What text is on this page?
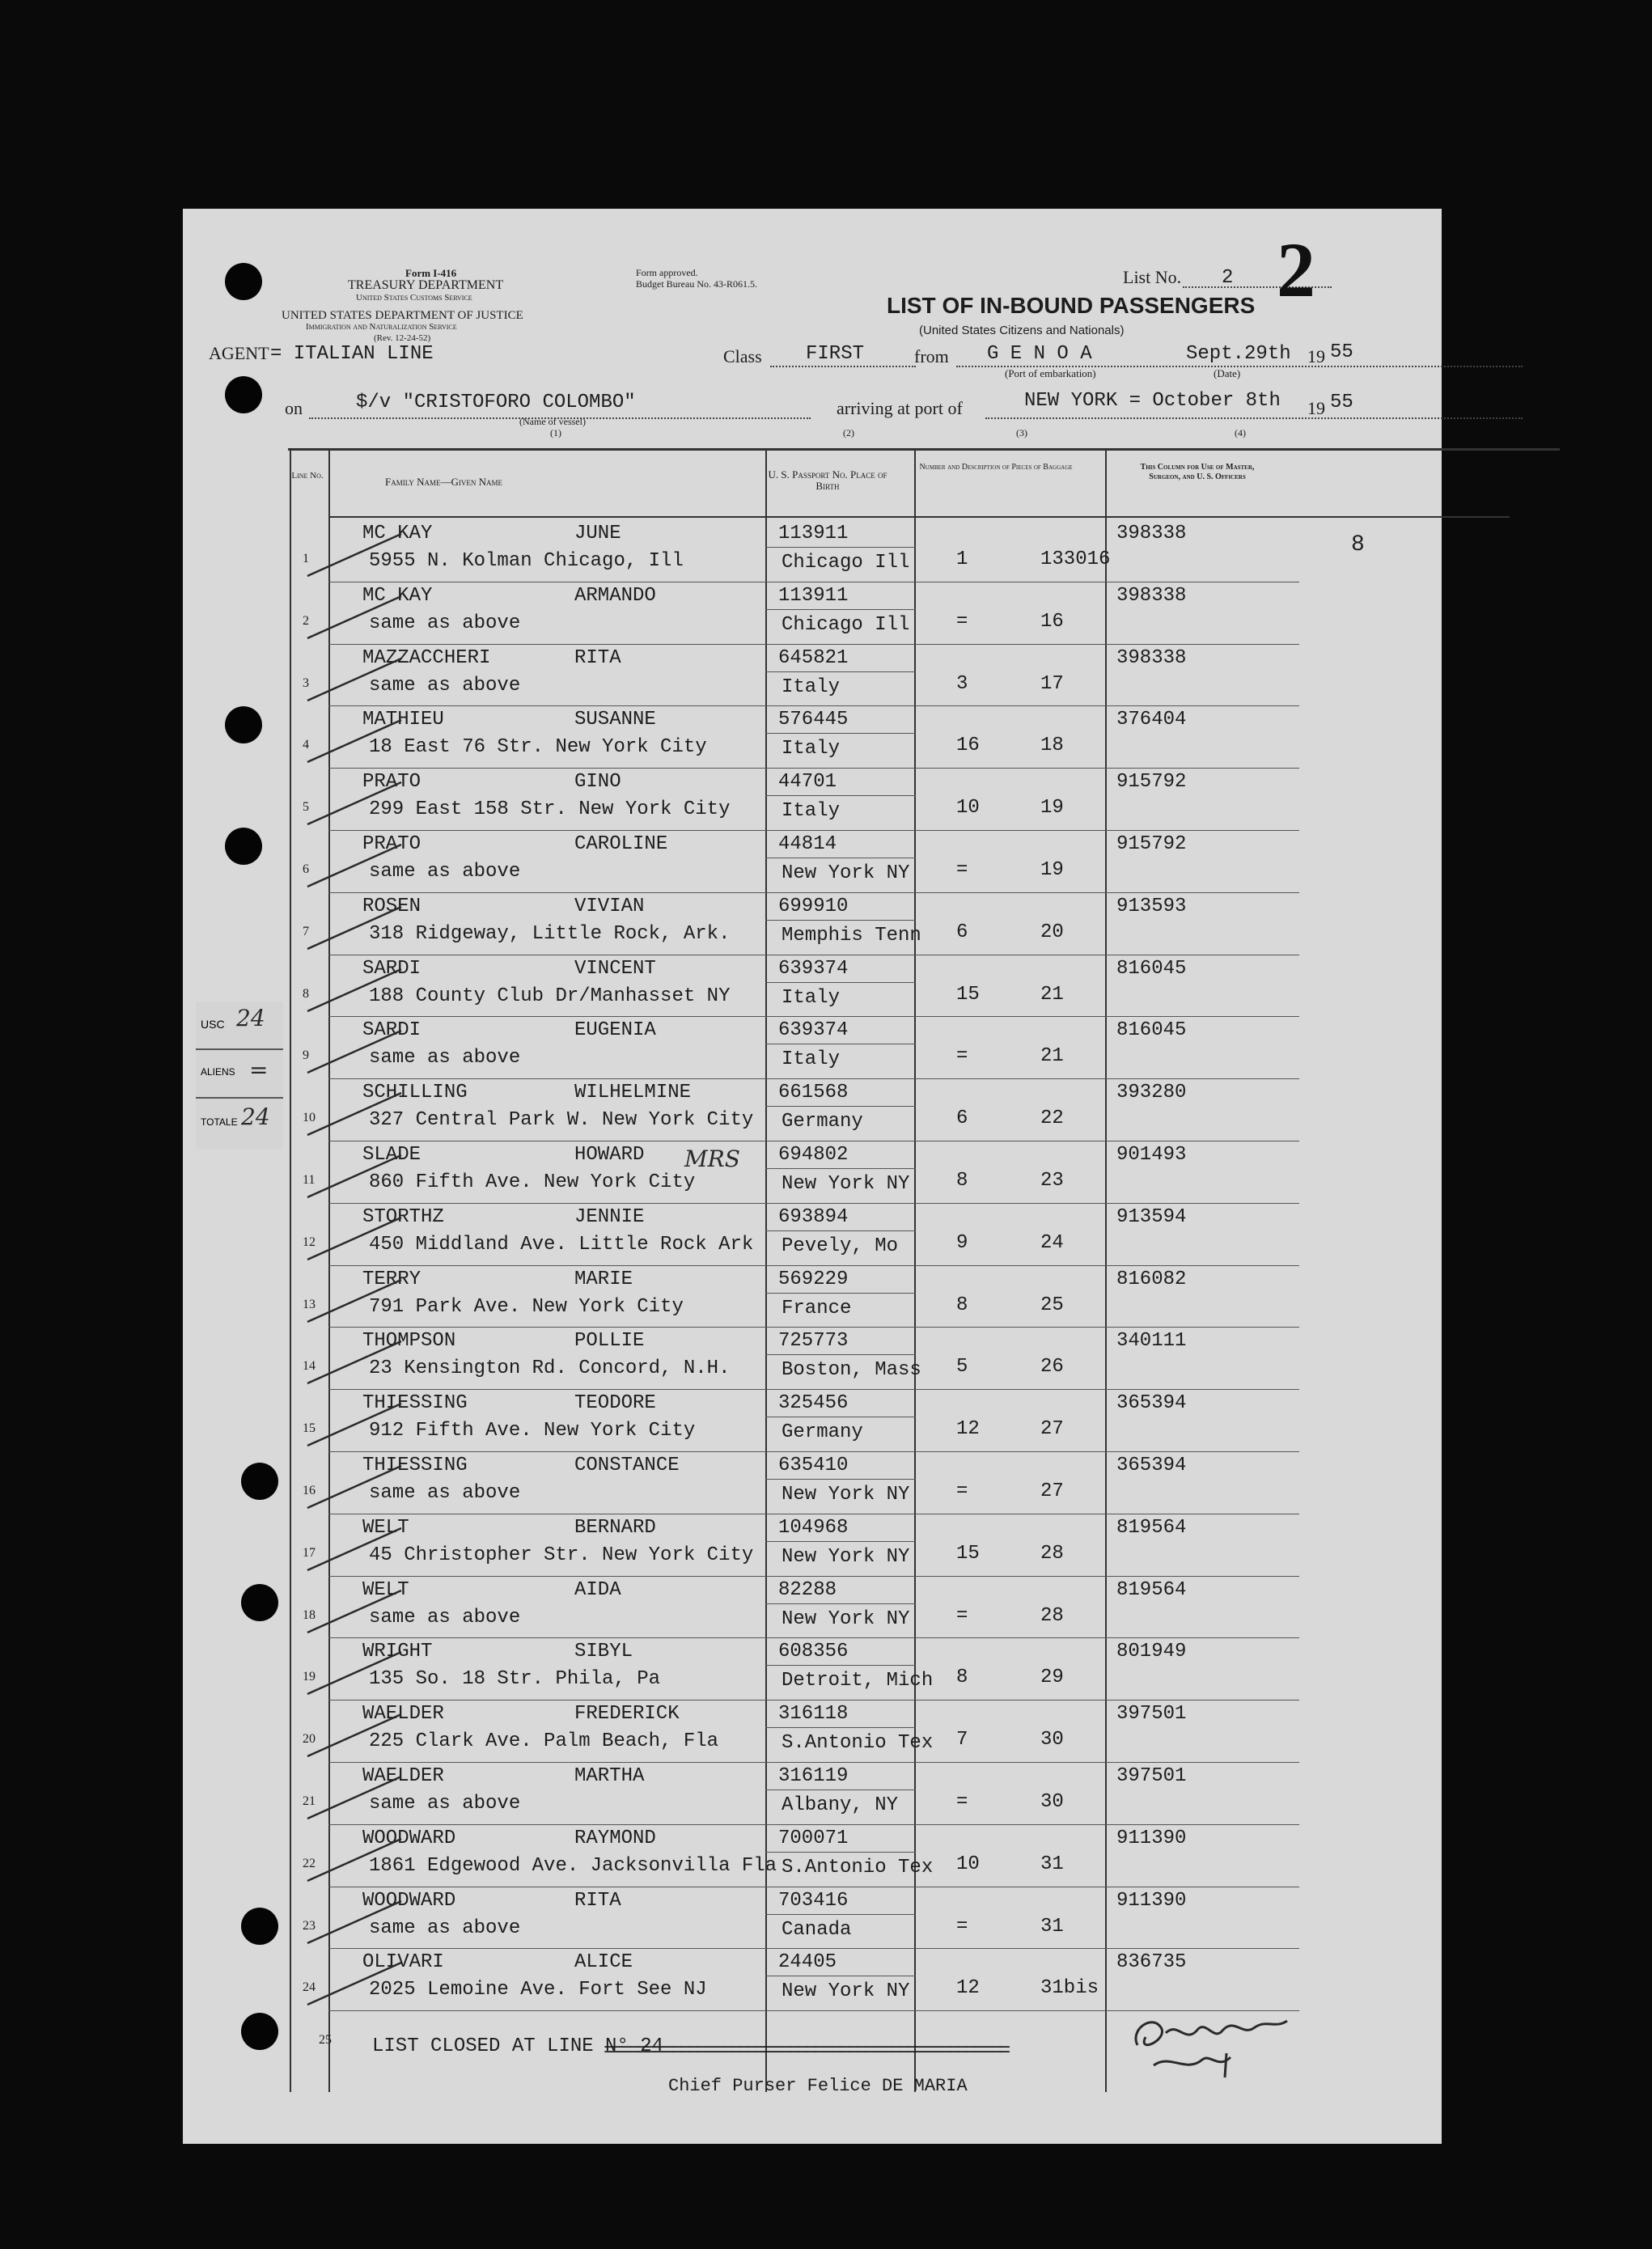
Form I-416
TREASURY DEPARTMENT
United States Customs Service
UNITED STATES DEPARTMENT OF JUSTICE
Immigration and Naturalization Service
(Rev. 12-24-52)
Form approved.
Budget Bureau No. 43-R061.5.	List No. 2 2
LIST OF IN-BOUND PASSENGERS
(United States Citizens and Nationals)
AGENT = ITALIAN LINE	Class FIRST	from G E N O A	Sept.29th 19 55
(Port of embarkation)	(Date)
on	$/v "CRISTOFORO COLOMBO"
(Name of vessel)
(1)
arriving at port of	NEW YORK = October 8th 19 55
(2)	(3)	(4)
Line No.	Family Name—Given Name
U. S. Passport No. Place of Birth
Number and Description of Pieces of Baggage	This Column for Use of Master, Surgeon, and U. S. Officers
8
1
MC KAY	JUNE
5955 N. Kolman Chicago, Ill
113911
Chicago Ill 1	133016
398338
2
MC KAY	ARMANDO
same as above
113911
Chicago Ill =	16
398338
3
MAZZACCHERI	RITA
same as above
645821
Italy	3	17
398338
4
MATHIEU	SUSANNE
18 East 76 Str. New York City
576445
Italy	16	18
376404
5
PRATO	GINO
299 East 158 Str. New York City
44701
Italy	10	19
915792
6
PRATO	CAROLINE
same as above
44814
New York NY =	19
915792
7
ROSEN	VIVIAN
318 Ridgeway, Little Rock, Ark.
699910
Memphis Tenn 6	20
913593
8
SARDI	VINCENT
188 County Club Dr/Manhasset NY
639374
Italy	15	21
816045
9
SARDI	EUGENIA
same as above
639374
Italy	=	21
816045
10
SCHILLING	WILHELMINE
327 Central Park W. New York City
661568
Germany	6	22
393280
11
SLADE	HOWARD
860 Fifth Ave. New York City
694802
New York NY 8	23
901493
12
STORTHZ	JENNIE
450 Middland Ave. Little Rock Ark
693894
Pevely, Mo	9	24
913594
13
TERRY	MARIE
791 Park Ave. New York City
569229
France	8	25
816082
14
THOMPSON	POLLIE
23 Kensington Rd. Concord, N.H.
725773
Boston, Mass 5	26
340111
15
THIESSING	TEODORE
912 Fifth Ave. New York City
325456
Germany	12	27
365394
16
THIESSING	CONSTANCE
same as above
635410
New York NY =	27
365394
17
WELT	BERNARD
45 Christopher Str. New York City
104968
New York NY 15	28
819564
18
WELT	AIDA
same as above
82288
New York NY =	28
819564
19
WRIGHT	SIBYL
135 So. 18 Str. Phila, Pa
608356
Detroit, Mich 8	29
801949
20
WAELDER	FREDERICK
225 Clark Ave. Palm Beach, Fla
316118
S.Antonio Tex 7	30
397501
21
WAELDER	MARTHA
same as above
316119
Albany, NY	=	30
397501
22
WOODWARD	RAYMOND
1861 Edgewood Ave. Jacksonvilla Fla
700071
S.Antonio Tex 10	31
911390
23
WOODWARD	RITA
same as above
703416
Canada	=	31
911390
24
OLIVARI	ALICE
2025 Lemoine Ave. Fort See NJ
24405
New York NY 12	31bis
836735
25 LIST CLOSED AT LINE N° 24
================================================
Chief Purser Felice DE MARIA
MRS
USC 24
ALIENS =
TOTALE 24
